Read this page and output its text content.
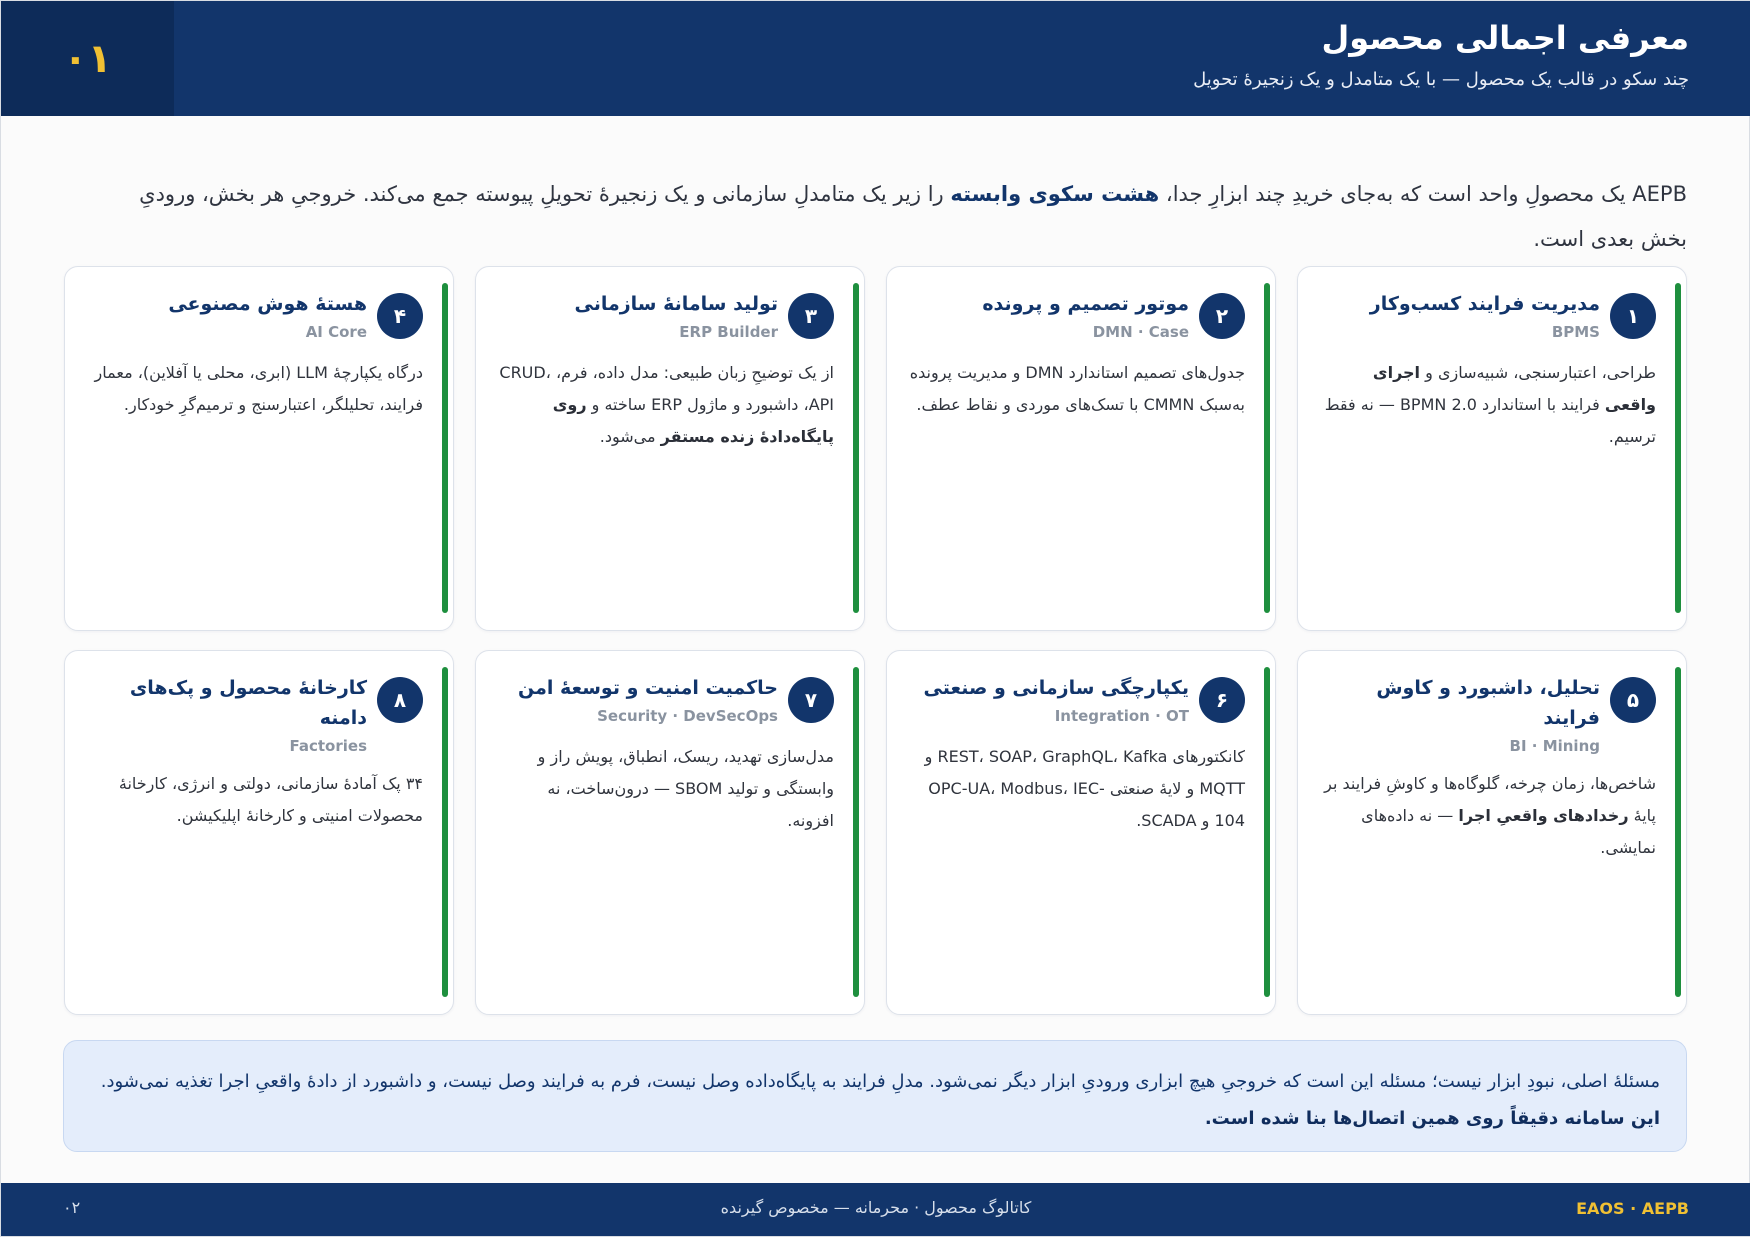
۰۱	معرفی اجمالی محصول
چند سکو در قالب یک محصول — با یک متامدل و یک زنجیرهٔ تحویل

AEPB یک محصولِ واحد است که به‌جای خریدِ چند ابزارِ جدا، هشت سکوی وابسته را زیر یک متامدلِ سازمانی و یک زنجیرهٔ تحویلِ پیوسته جمع می‌کند. خروجیِ هر بخش، ورودیِ بخش بعدی است.

۱
مدیریت فرایند کسب‌وکار
BPMS
طراحی، اعتبارسنجی، شبیه‌سازی و اجرای واقعی فرایند با استاندارد BPMN 2.0 — نه فقط ترسیم.
۲
موتور تصمیم و پرونده
DMN · Case
جدول‌های تصمیم استاندارد DMN و مدیریت پرونده به‌سبک CMMN با تسک‌های موردی و نقاط عطف.
۳
تولید سامانهٔ سازمانی
ERP Builder
از یک توضیحِ زبان طبیعی: مدل داده، فرم، CRUD، API، داشبورد و ماژول ERP ساخته و روی پایگاه‌دادهٔ زنده مستقر می‌شود.
۴
هستهٔ هوش مصنوعی
AI Core
درگاه یکپارچهٔ LLM (ابری، محلی یا آفلاین)، معمار فرایند، تحلیلگر، اعتبارسنج و ترمیم‌گرِ خودکار.
۵
تحلیل، داشبورد و کاوش فرایند
BI · Mining
شاخص‌ها، زمان چرخه، گلوگاه‌ها و کاوشِ فرایند بر پایهٔ رخدادهای واقعیِ اجرا — نه داده‌های نمایشی.
۶
یکپارچگی سازمانی و صنعتی
Integration · OT
کانکتورهای REST، SOAP، GraphQL، Kafka و MQTT و لایهٔ صنعتی OPC-UA، Modbus، IEC-104 و SCADA.
۷
حاکمیت امنیت و توسعهٔ امن
Security · DevSecOps
مدل‌سازی تهدید، ریسک، انطباق، پویش راز و وابستگی و تولید SBOM — درون‌ساخت، نه افزونه.
۸
کارخانهٔ محصول و پک‌های دامنه
Factories
۳۴ پک آمادهٔ سازمانی، دولتی و انرژی، کارخانهٔ محصولات امنیتی و کارخانهٔ اپلیکیشن.
مسئلهٔ اصلی، نبودِ ابزار نیست؛ مسئله این است که خروجیِ هیچ ابزاری ورودیِ ابزار دیگر نمی‌شود. مدلِ فرایند به پایگاه‌داده وصل نیست، فرم به فرایند وصل نیست، و داشبورد از دادهٔ واقعیِ اجرا تغذیه نمی‌شود. این سامانه دقیقاً روی همین اتصال‌ها بنا شده است.
EAOS · AEPB
کاتالوگ محصول · محرمانه — مخصوص گیرنده
۰۲
